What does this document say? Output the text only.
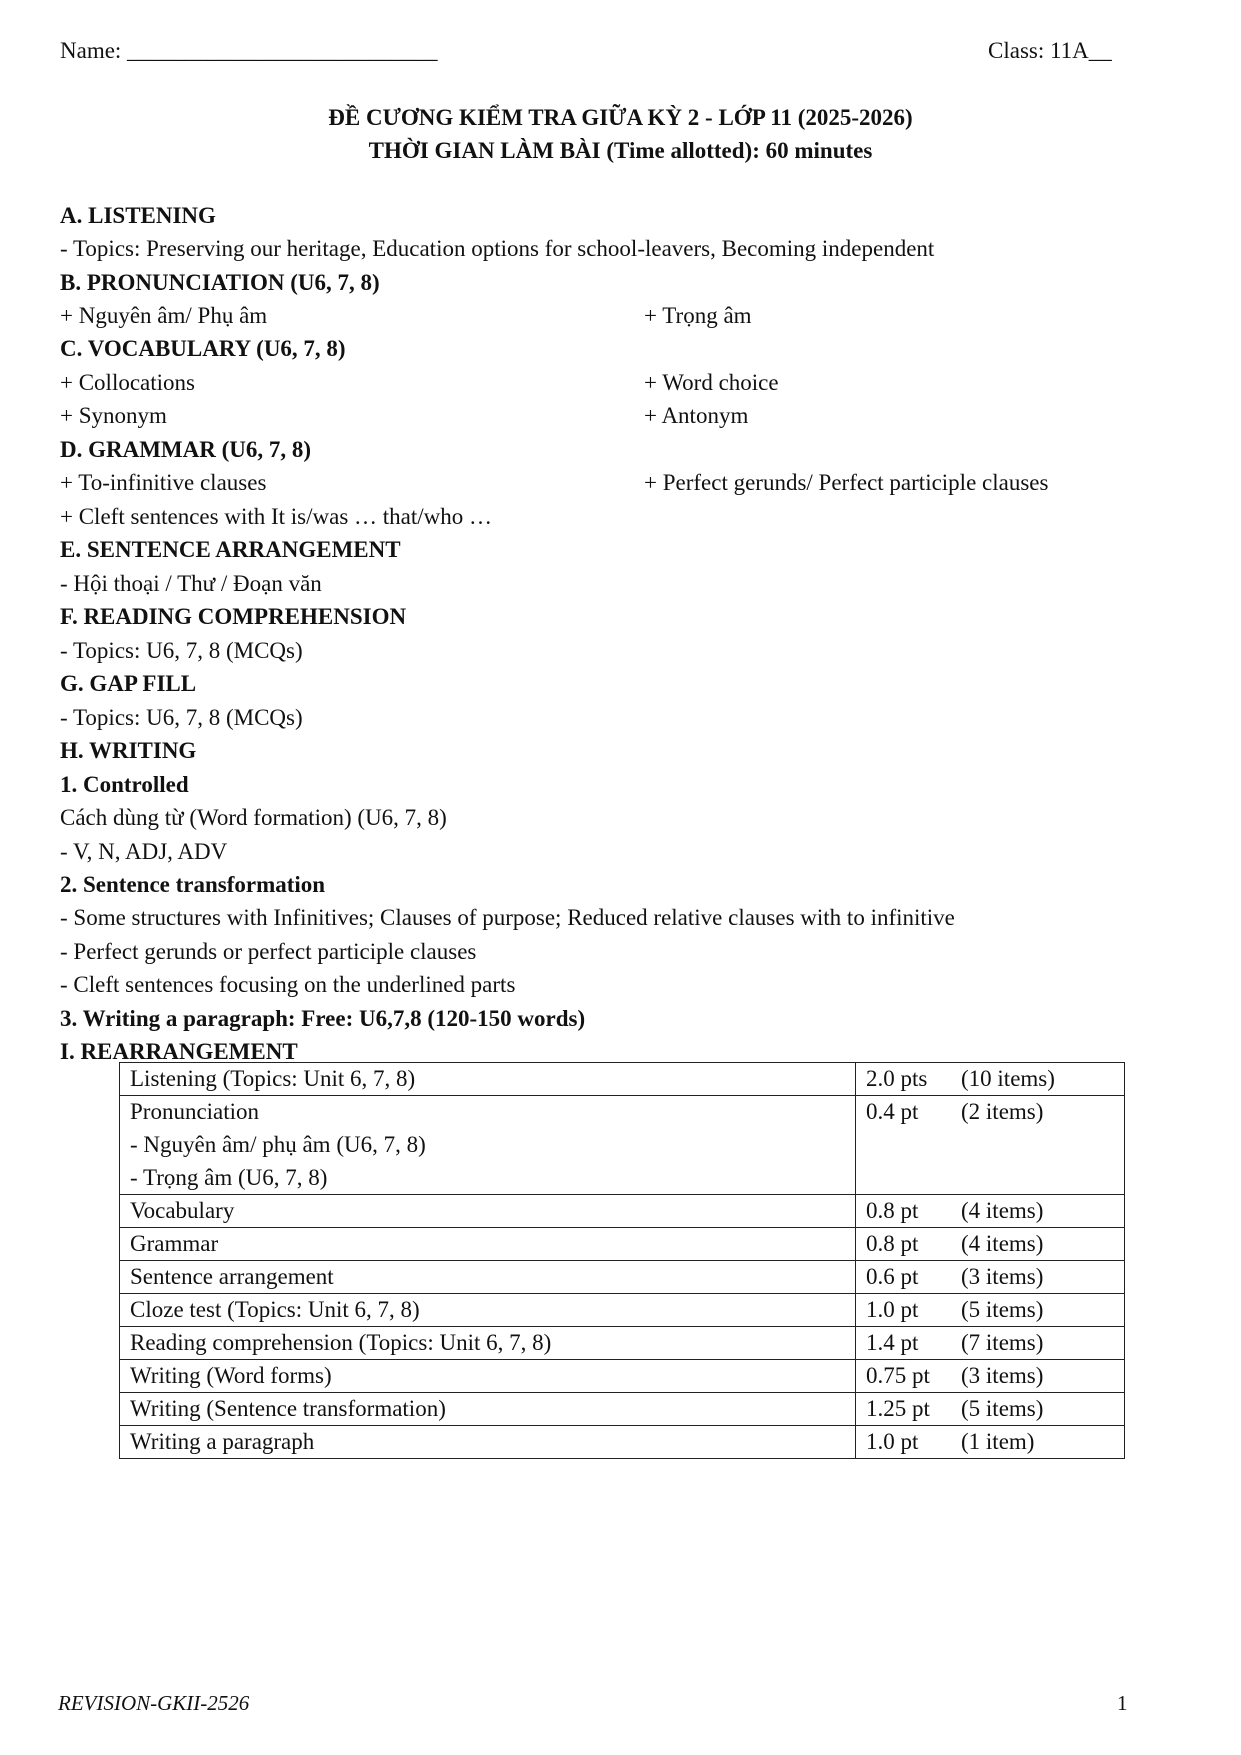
Name: ___________________________	Class: 11A__
ĐỀ CƯƠNG KIỂM TRA GIỮA KỲ 2 - LỚP 11 (2025-2026)
THỜI GIAN LÀM BÀI (Time allotted): 60 minutes
A. LISTENING
- Topics: Preserving our heritage, Education options for school-leavers, Becoming independent
B. PRONUNCIATION (U6, 7, 8)
+ Nguyên âm/ Phụ âm	+ Trọng âm
C. VOCABULARY (U6, 7, 8)
+ Collocations	+ Word choice
+ Synonym	+ Antonym
D. GRAMMAR (U6, 7, 8)
+ To-infinitive clauses	+ Perfect gerunds/ Perfect participle clauses
+ Cleft sentences with It is/was … that/who …
E. SENTENCE ARRANGEMENT
- Hội thoại / Thư / Đoạn văn
F. READING COMPREHENSION
- Topics: U6, 7, 8 (MCQs)
G. GAP FILL
- Topics: U6, 7, 8 (MCQs)
H. WRITING
1. Controlled
Cách dùng từ (Word formation) (U6, 7, 8)
- V, N, ADJ, ADV
2. Sentence transformation
- Some structures with Infinitives; Clauses of purpose; Reduced relative clauses with to infinitive
- Perfect gerunds or perfect participle clauses
- Cleft sentences focusing on the underlined parts
3. Writing a paragraph: Free: U6,7,8 (120-150 words)
I. REARRANGEMENT
Listening (Topics: Unit 6, 7, 8)	2.0 pts (10 items)

Pronunciation
- Nguyên âm/ phụ âm (U6, 7, 8)
- Trọng âm (U6, 7, 8)	0.4 pt (2 items)
Vocabulary	0.8 pt (4 items)
Grammar	0.8 pt (4 items)
Sentence arrangement	0.6 pt (3 items)
Cloze test (Topics: Unit 6, 7, 8)	1.0 pt (5 items)
Reading comprehension (Topics: Unit 6, 7, 8)	1.4 pt (7 items)
Writing (Word forms)	0.75 pt (3 items)
Writing (Sentence transformation)	1.25 pt (5 items)
Writing a paragraph	1.0 pt (1 item)
REVISION-GKII-2526	1
